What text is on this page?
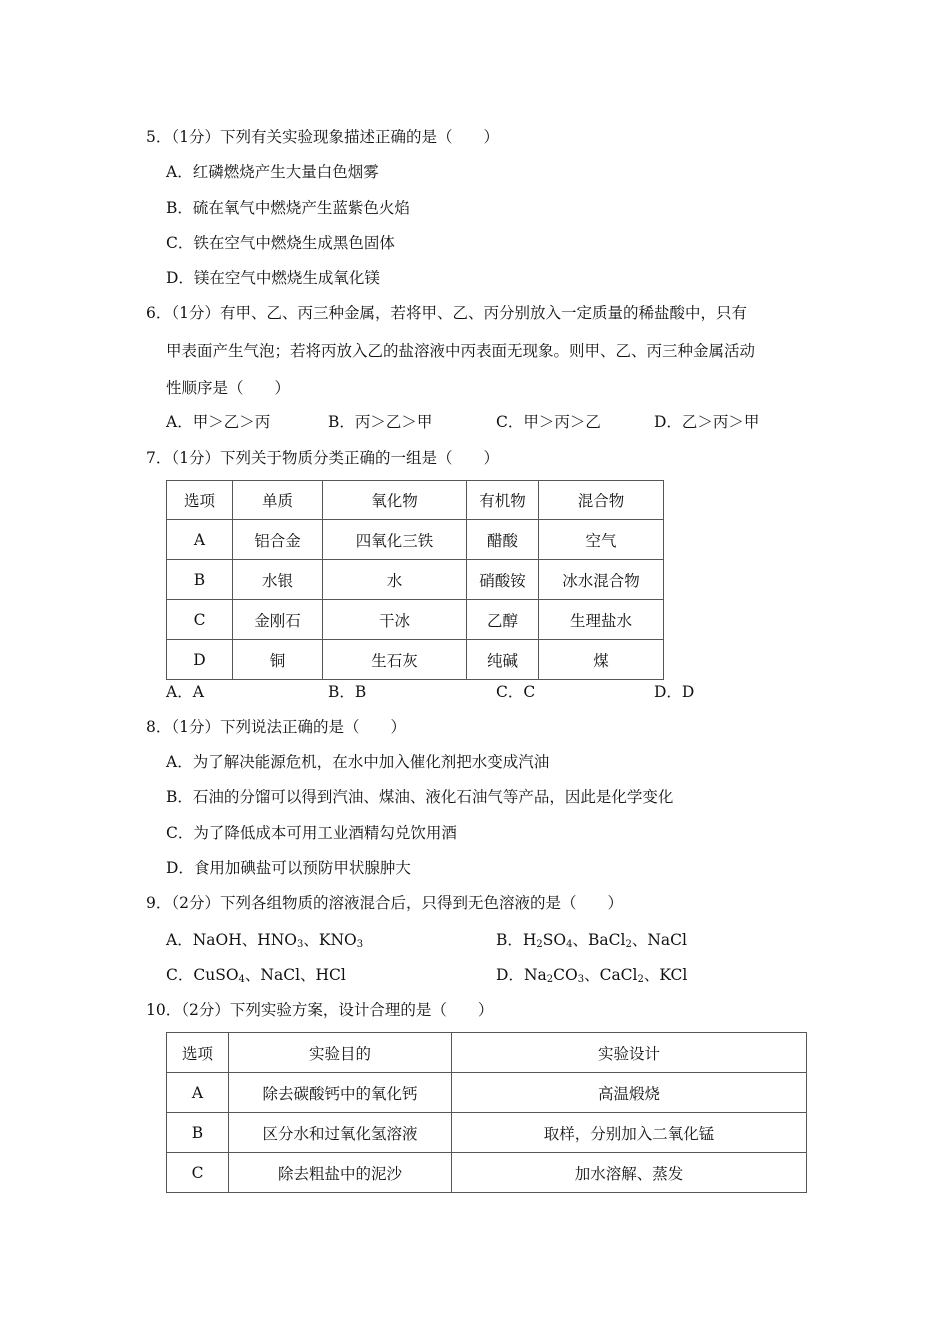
5．（1分）下列有关实验现象描述正确的是（　　）
A．红磷燃烧产生大量白色烟雾
B．硫在氧气中燃烧产生蓝紫色火焰
C．铁在空气中燃烧生成黑色固体
D．镁在空气中燃烧生成氧化镁
6．（1分）有甲、乙、丙三种金属，若将甲、乙、丙分别放入一定质量的稀盐酸中，只有
甲表面产生气泡；若将丙放入乙的盐溶液中丙表面无现象。则甲、乙、丙三种金属活动
性顺序是（　　）
A．甲＞乙＞丙	B．丙＞乙＞甲	C．甲＞丙＞乙	D．乙＞丙＞甲
7．（1分）下列关于物质分类正确的一组是（　　）
选项	单质	氧化物	有机物	混合物
A	铝合金	四氧化三铁	醋酸	空气
B	水银	水	硝酸铵	冰水混合物
C	金刚石	干冰	乙醇	生理盐水
D	铜	生石灰	纯碱	煤
A．A	B．B	C．C	D．D
8．（1分）下列说法正确的是（　　）
A．为了解决能源危机，在水中加入催化剂把水变成汽油
B．石油的分馏可以得到汽油、煤油、液化石油气等产品，因此是化学变化
C．为了降低成本可用工业酒精勾兑饮用酒
D．食用加碘盐可以预防甲状腺肿大
9．（2分）下列各组物质的溶液混合后，只得到无色溶液的是（　　）
A．NaOH、$HNO_3$、$KNO_3$	B．$H_2SO_4$、BaCl$_2$、NaCl
C．CuSO$_4$、NaCl、HCl	D．$Na_2CO_3$、CaCl$_2$、KCl
10．（2分）下列实验方案，设计合理的是（　　）
选项	实验目的	实验设计
A	除去碳酸钙中的氧化钙	高温煅烧
B	区分水和过氧化氢溶液	取样，分别加入二氧化锰
C	除去粗盐中的泥沙	加水溶解、蒸发
